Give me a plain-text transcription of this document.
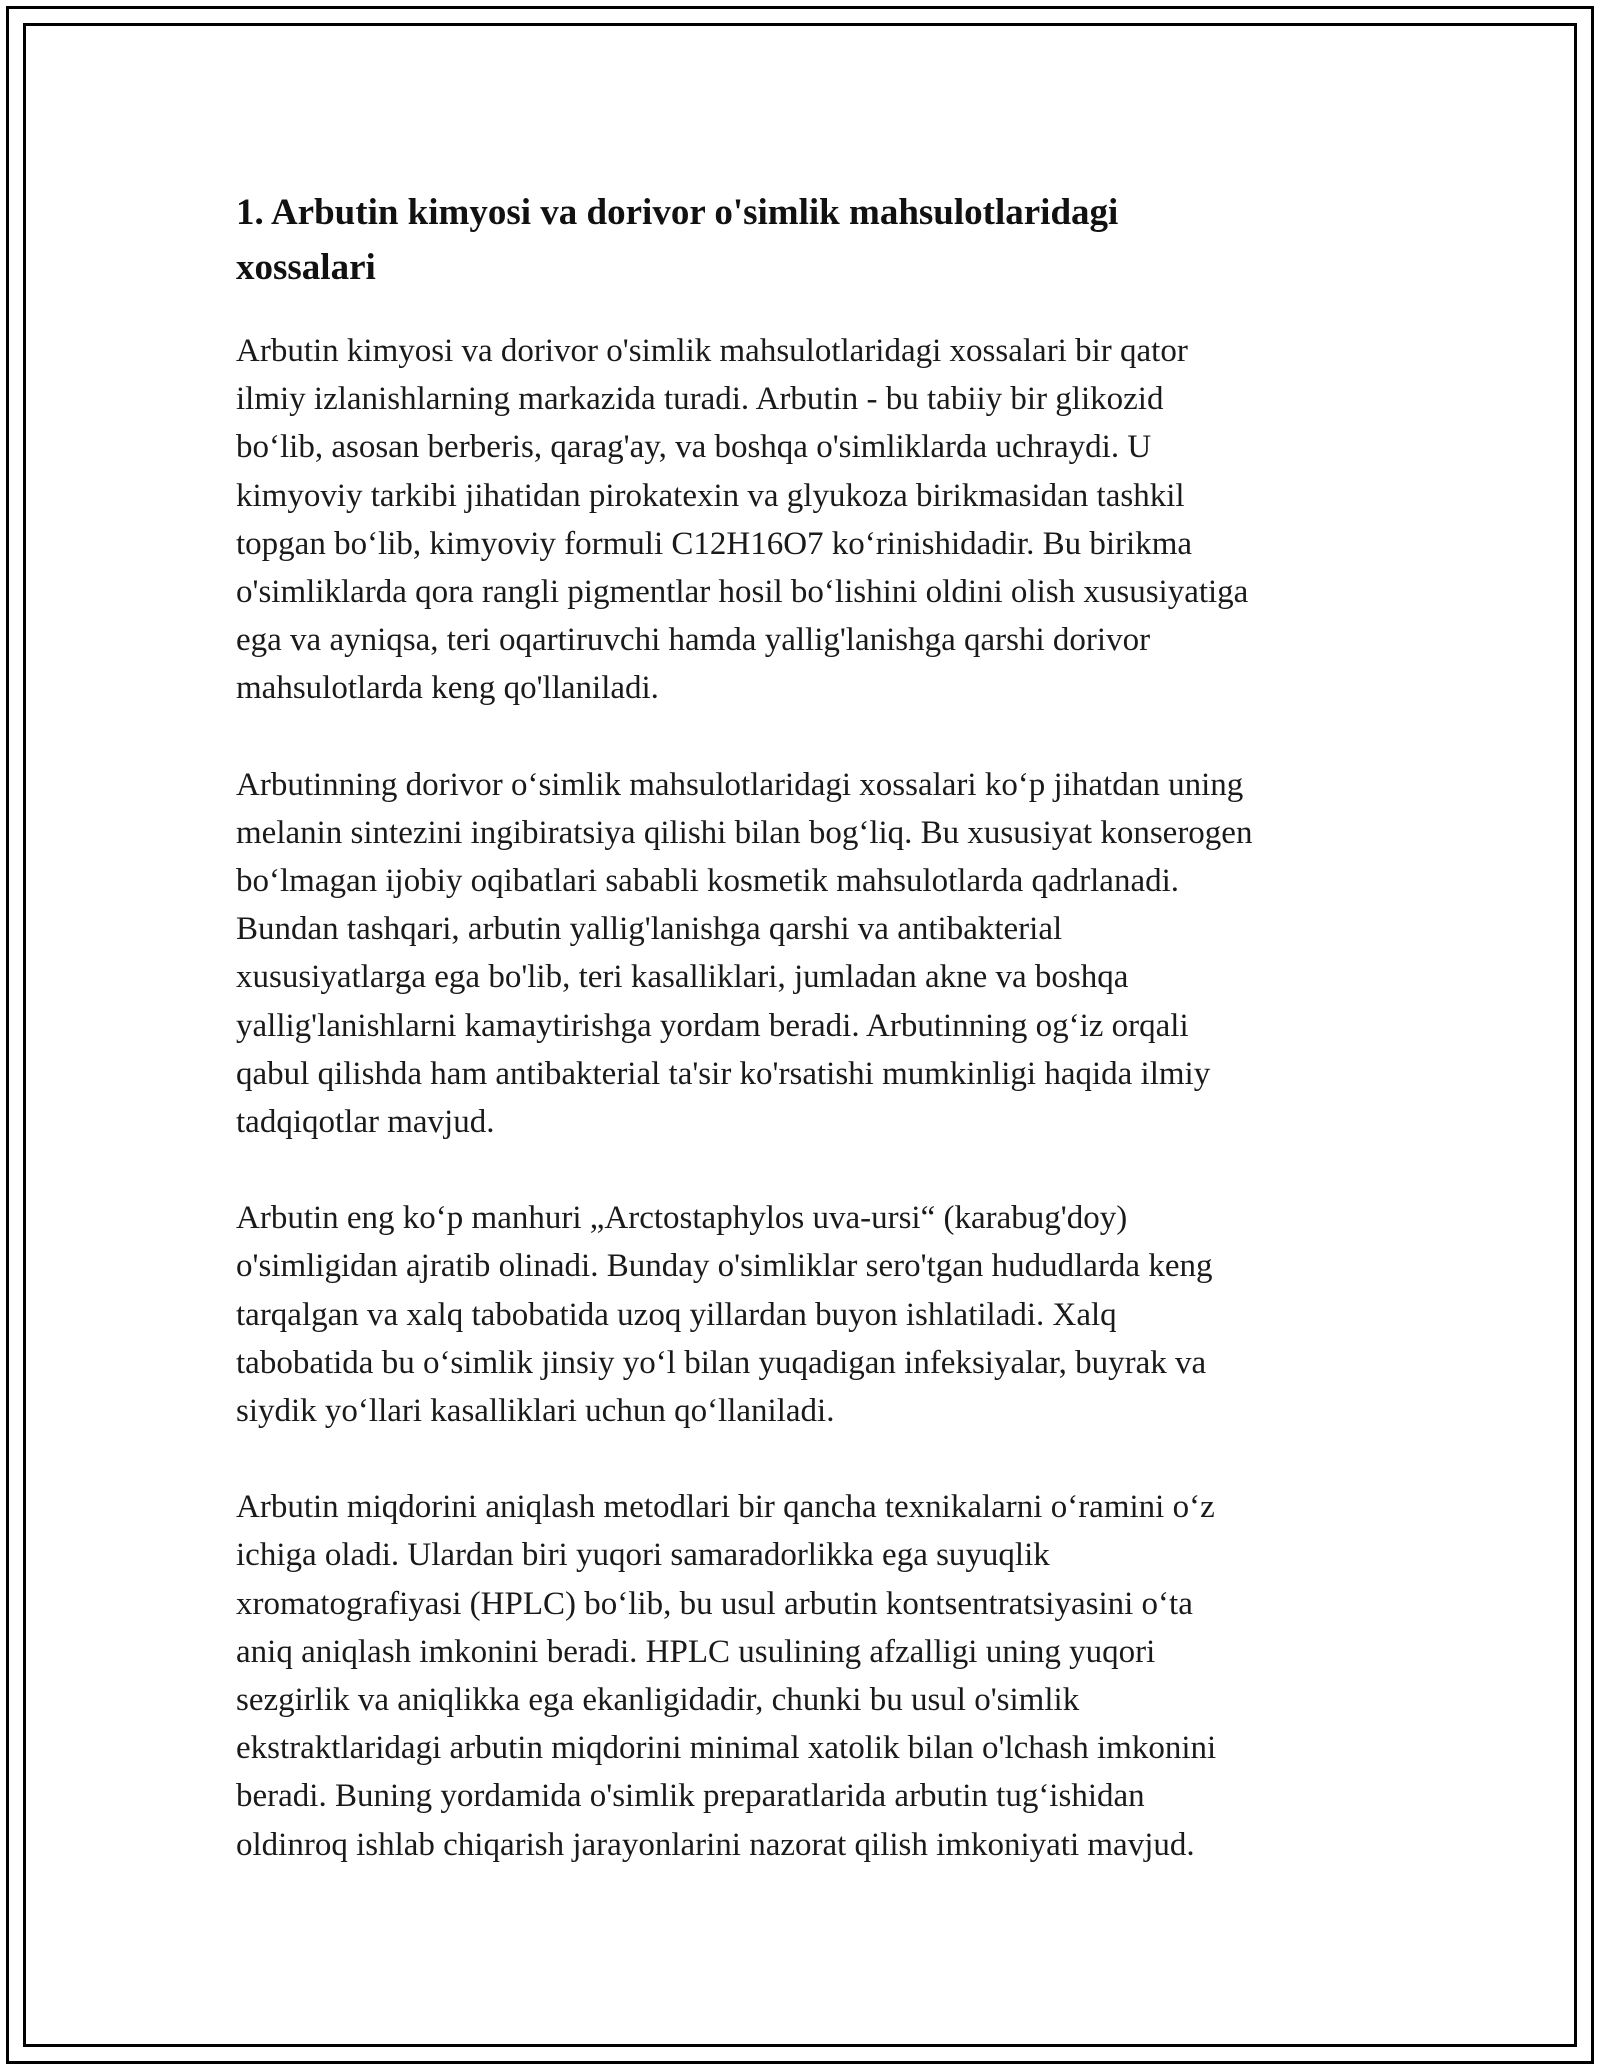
1. Arbutin kimyosi va dorivor o'simlik mahsulotlaridagi
xossalari

Arbutin kimyosi va dorivor o'simlik mahsulotlaridagi xossalari bir qator
ilmiy izlanishlarning markazida turadi. Arbutin - bu tabiiy bir glikozid
bo‘lib, asosan berberis, qarag'ay, va boshqa o'simliklarda uchraydi. U
kimyoviy tarkibi jihatidan pirokatexin va glyukoza birikmasidan tashkil
topgan bo‘lib, kimyoviy formuli C12H16O7 ko‘rinishidadir. Bu birikma
o'simliklarda qora rangli pigmentlar hosil bo‘lishini oldini olish xususiyatiga
ega va ayniqsa, teri oqartiruvchi hamda yallig'lanishga qarshi dorivor
mahsulotlarda keng qo'llaniladi.

Arbutinning dorivor o‘simlik mahsulotlaridagi xossalari ko‘p jihatdan uning
melanin sintezini ingibiratsiya qilishi bilan bog‘liq. Bu xususiyat konserogen
bo‘lmagan ijobiy oqibatlari sababli kosmetik mahsulotlarda qadrlanadi.
Bundan tashqari, arbutin yallig'lanishga qarshi va antibakterial
xususiyatlarga ega bo'lib, teri kasalliklari, jumladan akne va boshqa
yallig'lanishlarni kamaytirishga yordam beradi. Arbutinning og‘iz orqali
qabul qilishda ham antibakterial ta'sir ko'rsatishi mumkinligi haqida ilmiy
tadqiqotlar mavjud.

Arbutin eng ko‘p manhuri „Arctostaphylos uva-ursi“ (karabug'doy)
o'simligidan ajratib olinadi. Bunday o'simliklar sero'tgan hududlarda keng
tarqalgan va xalq tabobatida uzoq yillardan buyon ishlatiladi. Xalq
tabobatida bu o‘simlik jinsiy yo‘l bilan yuqadigan infeksiyalar, buyrak va
siydik yo‘llari kasalliklari uchun qo‘llaniladi.

Arbutin miqdorini aniqlash metodlari bir qancha texnikalarni o‘ramini o‘z
ichiga oladi. Ulardan biri yuqori samaradorlikka ega suyuqlik
xromatografiyasi (HPLC) bo‘lib, bu usul arbutin kontsentratsiyasini o‘ta
aniq aniqlash imkonini beradi. HPLC usulining afzalligi uning yuqori
sezgirlik va aniqlikka ega ekanligidadir, chunki bu usul o'simlik
ekstraktlaridagi arbutin miqdorini minimal xatolik bilan o'lchash imkonini
beradi. Buning yordamida o'simlik preparatlarida arbutin tug‘ishidan
oldinroq ishlab chiqarish jarayonlarini nazorat qilish imkoniyati mavjud.
